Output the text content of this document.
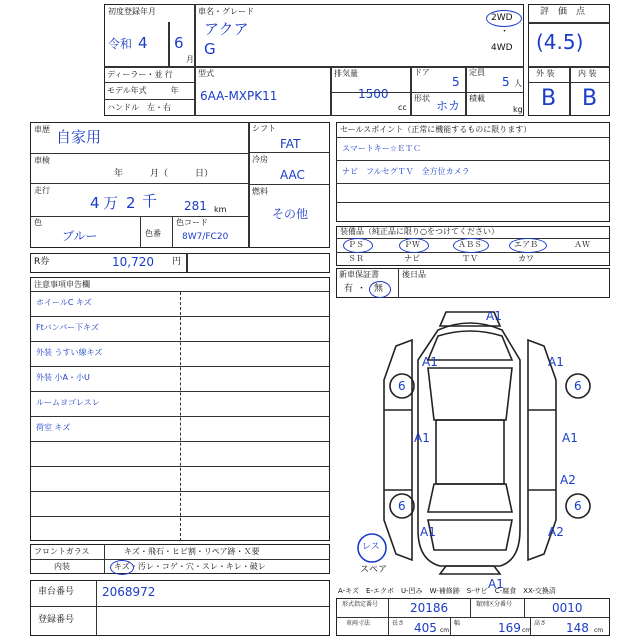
初度登録年月
令和 4 6
月
車名・グレード
アクア
G
2WD
・
4WD
ディーラー・並 行
モデル年式　　　年
ハンドル　左・右
型式
6AA-MXPK11
排気量
1500
cc
ドア
5
形状
ホカ
定員
5 人
積載
kg
評　価　点
(4.5)
外 装	内 装
B B
車歴 自家用
車検
年　　　月（　　　日）
走行
4 万 2 千 281 km
色
ブルー	色番
色コード
8W7/FC20
シフト
FAT
冷房
AAC
燃料
その他
R券	10,720 円
セールスポイント（正常に機能するものに限ります）
スマートキー☆ＥＴＣ
ナビ　フルセグＴＶ　全方位カメラ
装備品（純正品に限り○をつけてください）
ＰＳ	ＰＷ	ＡＢＳ	エアＢ	ＡＷ
ＳＲ	ナビ	ＴＶ	カワ
新車保証書
有 ・ 無
後日品
注意事項申告欄
ホイールC キズ
Ftバンパー下キズ
外装 うすい線キズ
外装 小A・小U
ルームヨゴレスレ
荷室 キズ
フロントガラス	キズ・飛石・ヒビ割・リペア跡・Ｘ要
内装	キズ・汚レ・コゲ・穴・スレ・キレ・破レ
車台番号 2068972
登録番号
A-キズ　E-エクボ　U-凹み　W-補修跡　S-サビ　C-腐食　XX-交換済
形式指定番号	20186	類別区分番号	0010
車両寸法	長さ 405 cm
幅	169 cm
高さ 148 cm
A1
A1	A1
6	6
A1	A1
6	6
A1
A2
A2
A1
レス
スペア
